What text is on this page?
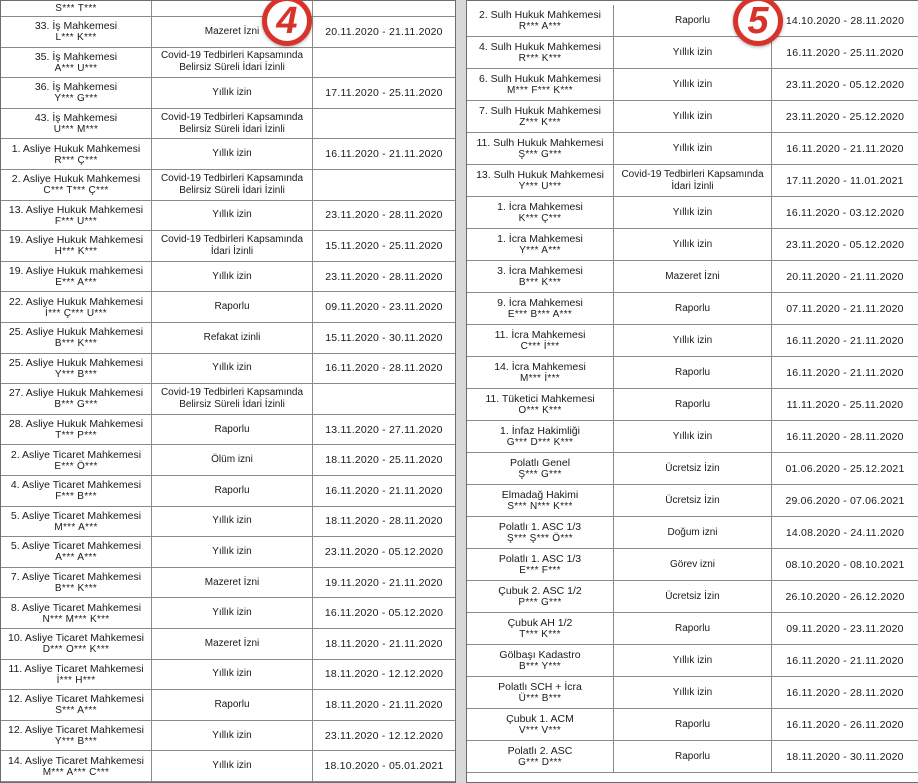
S*** T***
33. İş Mahkemesi
L*** K***
Mazeret İzni	20.11.2020 - 21.11.2020
35. İş Mahkemesi
A*** U***
Covid-19 Tedbirleri Kapsamında Belirsiz Süreli İdari İzinli
36. İş Mahkemesi
Y*** G***
Yıllık izin	17.11.2020 - 25.11.2020
43. İş Mahkemesi
U*** M***
Covid-19 Tedbirleri Kapsamında Belirsiz Süreli İdari İzinli
1. Asliye Hukuk Mahkemesi
R*** Ç***
Yıllık izin	16.11.2020 - 21.11.2020
2. Asliye Hukuk Mahkemesi
C*** T*** Ç***
Covid-19 Tedbirleri Kapsamında Belirsiz Süreli İdari İzinli
13. Asliye Hukuk Mahkemesi
F*** U***
Yıllık izin	23.11.2020 - 28.11.2020
19. Asliye Hukuk Mahkemesi
H*** K***
Covid-19 Tedbirleri Kapsamında İdari İzinli	15.11.2020 - 25.11.2020
19. Asliye Hukuk mahkemesi
E*** A***
Yıllık izin	23.11.2020 - 28.11.2020
22. Asliye Hukuk Mahkemesi
İ*** Ç*** U***
Raporlu	09.11.2020 - 23.11.2020
25. Asliye Hukuk Mahkemesi
B*** K***
Refakat izinli	15.11.2020 - 30.11.2020
25. Asliye Hukuk Mahkemesi
Y*** B***
Yıllık izin	16.11.2020 - 28.11.2020
27. Asliye Hukuk Mahkemesi
B*** G***
Covid-19 Tedbirleri Kapsamında Belirsiz Süreli İdari İzinli
28. Asliye Hukuk Mahkemesi
T*** P***
Raporlu	13.11.2020 - 27.11.2020
2. Asliye Ticaret Mahkemesi
E*** Ö***
Ölüm izni	18.11.2020 - 25.11.2020
4. Asliye Ticaret Mahkemesi
F*** B***
Raporlu	16.11.2020 - 21.11.2020
5. Asliye Ticaret Mahkemesi
M*** A***
Yıllık izin	18.11.2020 - 28.11.2020
5. Asliye Ticaret Mahkemesi
A*** A***
Yıllık izin	23.11.2020 - 05.12.2020
7. Asliye Ticaret Mahkemesi
B*** K***
Mazeret İzni	19.11.2020 - 21.11.2020
8. Asliye Ticaret Mahkemesi
N*** M*** K***
Yıllık izin	16.11.2020 - 05.12.2020
10. Asliye Ticaret Mahkemesi
D*** O*** K***
Mazeret İzni	18.11.2020 - 21.11.2020
11. Asliye Ticaret Mahkemesi
İ*** H***
Yıllık izin	18.11.2020 - 12.12.2020
12. Asliye Ticaret Mahkemesi
S*** A***
Raporlu	18.11.2020 - 21.11.2020
12. Asliye Ticaret Mahkemesi
Y*** B***
Yıllık izin	23.11.2020 - 12.12.2020
14. Asliye Ticaret Mahkemesi
M*** A*** C***
Yıllık izin	18.10.2020 - 05.01.2021
2. Sulh Hukuk Mahkemesi
R*** A***
Raporlu	14.10.2020 - 28.11.2020
4. Sulh Hukuk Mahkemesi
R*** K***
Yıllık izin	16.11.2020 - 25.11.2020
6. Sulh Hukuk Mahkemesi
M*** F*** K***
Yıllık izin	23.11.2020 - 05.12.2020
7. Sulh Hukuk Mahkemesi
Z*** K***
Yıllık izin	23.11.2020 - 25.12.2020
11. Sulh Hukuk Mahkemesi
Ş*** G***
Yıllık izin	16.11.2020 - 21.11.2020
13. Sulh Hukuk Mahkemesi
Y*** U***
Covid-19 Tedbirleri Kapsamında İdari İzinli	17.11.2020 - 11.01.2021
1. İcra Mahkemesi
K*** Ç***
Yıllık izin	16.11.2020 - 03.12.2020
1. İcra Mahkemesi
Y*** A***
Yıllık izin	23.11.2020 - 05.12.2020
3. İcra Mahkemesi
B*** K***
Mazeret İzni	20.11.2020 - 21.11.2020
9. İcra Mahkemesi
E*** B*** A***
Raporlu	07.11.2020 - 21.11.2020
11. İcra Mahkemesi
C*** İ***
Yıllık izin	16.11.2020 - 21.11.2020
14. İcra Mahkemesi
M*** İ***
Raporlu	16.11.2020 - 21.11.2020
11. Tüketici Mahkemesi
O*** K***
Raporlu	11.11.2020 - 25.11.2020
1. İnfaz Hakimliği
G*** D*** K***
Yıllık izin	16.11.2020 - 28.11.2020
Polatlı Genel
Ş*** G***
Ücretsiz İzin	01.06.2020 - 25.12.2021
Elmadağ Hakimi
S*** N*** K***
Ücretsiz İzin	29.06.2020 - 07.06.2021
Polatlı 1. ASC 1/3
Ş*** Ş*** Ö***
Doğum izni	14.08.2020 - 24.11.2020
Polatlı 1. ASC 1/3
E*** F***
Görev izni	08.10.2020 - 08.10.2021
Çubuk 2. ASC 1/2
P*** G***
Ücretsiz İzin	26.10.2020 - 26.12.2020
Çubuk AH 1/2
T*** K***
Raporlu	09.11.2020 - 23.11.2020
Gölbaşı Kadastro
B*** Y***
Yıllık izin	16.11.2020 - 21.11.2020
Polatlı SCH + İcra
Ü*** B***
Yıllık izin	16.11.2020 - 28.11.2020
Çubuk 1. ACM
V*** V***
Raporlu	16.11.2020 - 26.11.2020
Polatlı 2. ASC
G*** D***
Raporlu	18.11.2020 - 30.11.2020
4	5
